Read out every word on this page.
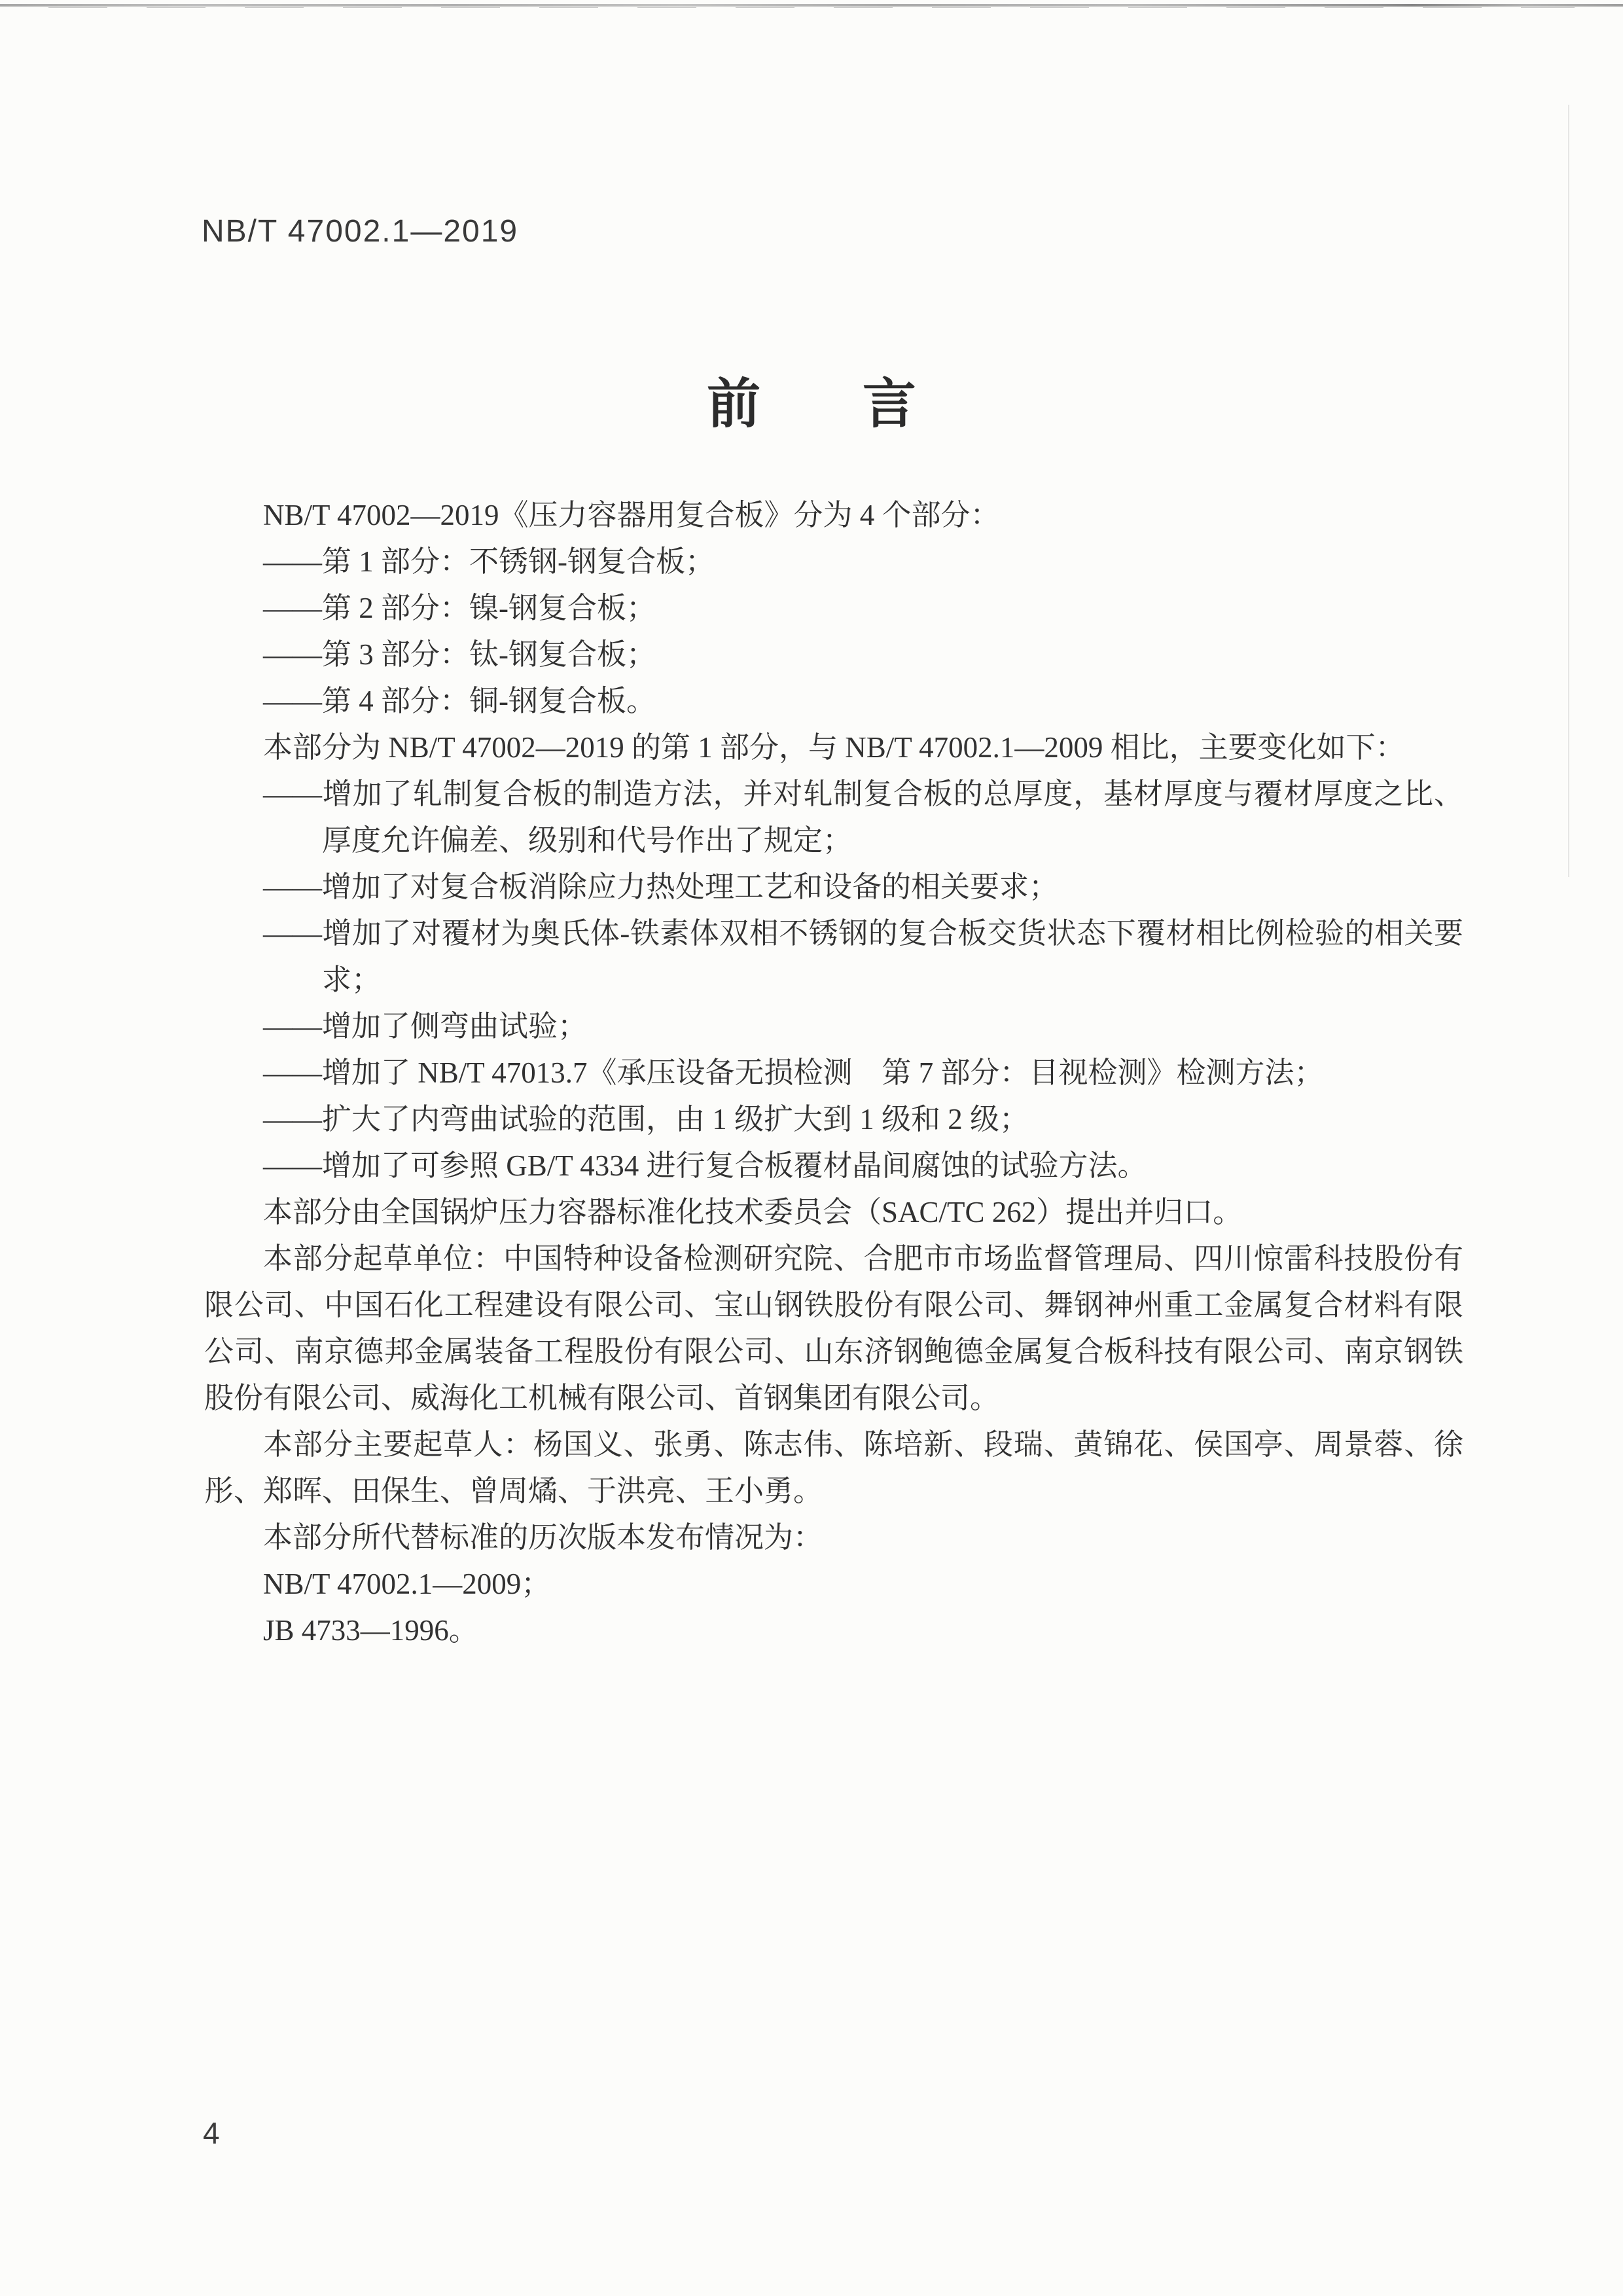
NB/T 47002.1—2019
前　言

NB/T 47002—2019《压力容器用复合板》分为 4 个部分：

——第 1 部分：不锈钢-钢复合板；

——第 2 部分：镍-钢复合板；

——第 3 部分：钛-钢复合板；

——第 4 部分：铜-钢复合板。

本部分为 NB/T 47002—2019 的第 1 部分，与 NB/T 47002.1—2009 相比，主要变化如下：

——增加了轧制复合板的制造方法，并对轧制复合板的总厚度，基材厚度与覆材厚度之比、厚度允许偏差、级别和代号作出了规定；

——增加了对复合板消除应力热处理工艺和设备的相关要求；

——增加了对覆材为奥氏体-铁素体双相不锈钢的复合板交货状态下覆材相比例检验的相关要求；

——增加了侧弯曲试验；

——增加了 NB/T 47013.7《承压设备无损检测　第 7 部分：目视检测》检测方法；

——扩大了内弯曲试验的范围，由 1 级扩大到 1 级和 2 级；

——增加了可参照 GB/T 4334 进行复合板覆材晶间腐蚀的试验方法。

本部分由全国锅炉压力容器标准化技术委员会（SAC/TC 262）提出并归口。

本部分起草单位：中国特种设备检测研究院、合肥市市场监督管理局、四川惊雷科技股份有限公司、中国石化工程建设有限公司、宝山钢铁股份有限公司、舞钢神州重工金属复合材料有限公司、南京德邦金属装备工程股份有限公司、山东济钢鲍德金属复合板科技有限公司、南京钢铁股份有限公司、威海化工机械有限公司、首钢集团有限公司。

本部分主要起草人：杨国义、张勇、陈志伟、陈培新、段瑞、黄锦花、侯国亭、周景蓉、徐彤、郑晖、田保生、曾周燏、于洪亮、王小勇。

本部分所代替标准的历次版本发布情况为：

NB/T 47002.1—2009；

JB 4733—1996。

4
